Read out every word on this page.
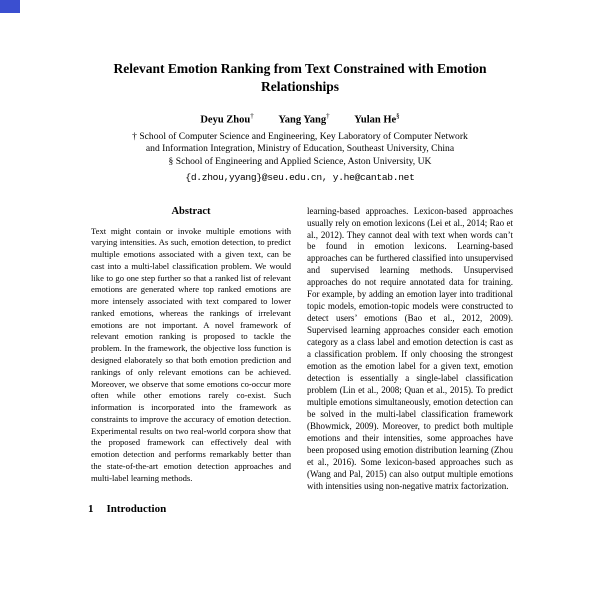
Relevant Emotion Ranking from Text Constrained with Emotion
Relationships
Deyu Zhou† Yang Yang† Yulan He§
† School of Computer Science and Engineering, Key Laboratory of Computer Network
and Information Integration, Ministry of Education, Southeast University, China
§ School of Engineering and Applied Science, Aston University, UK
{d.zhou,yyang}@seu.edu.cn, y.he@cantab.net
Abstract

Text might contain or invoke multiple emotions with varying intensities. As such, emotion detection, to predict multiple emotions associated with a given text, can be cast into a multi-label classification problem. We would like to go one step further so that a ranked list of relevant emotions are generated where top ranked emotions are more intensely associated with text compared to lower ranked emotions, whereas the rankings of irrelevant emotions are not important. A novel framework of relevant emotion ranking is proposed to tackle the problem. In the framework, the objective loss function is designed elaborately so that both emotion prediction and rankings of only relevant emotions can be achieved. Moreover, we observe that some emotions co-occur more often while other emotions rarely co-exist. Such information is incorporated into the framework as constraints to improve the accuracy of emotion detection. Experimental results on two real-world corpora show that the proposed framework can effectively deal with emotion detection and performs remarkably better than the state-of-the-art emotion detection approaches and multi-label learning methods.

1 Introduction

learning-based approaches. Lexicon-based approaches usually rely on emotion lexicons (Lei et al., 2014; Rao et al., 2012). They cannot deal with text when words can’t be found in emotion lexicons. Learning-based approaches can be furthered classified into unsupervised and supervised learning methods. Unsupervised approaches do not require annotated data for training. For example, by adding an emotion layer into traditional topic models, emotion-topic models were constructed to detect users’ emotions (Bao et al., 2012, 2009). Supervised learning approaches consider each emotion category as a class label and emotion detection is cast as a classification problem. If only choosing the strongest emotion as the emotion label for a given text, emotion detection is essentially a single-label classification problem (Lin et al., 2008; Quan et al., 2015). To predict multiple emotions simultaneously, emotion detection can be solved in the multi-label classification framework (Bhowmick, 2009). Moreover, to predict both multiple emotions and their intensities, some approaches have been proposed using emotion distribution learning (Zhou et al., 2016). Some lexicon-based approaches such as (Wang and Pal, 2015) can also output multiple emotions with intensities using non-negative matrix factorization.
